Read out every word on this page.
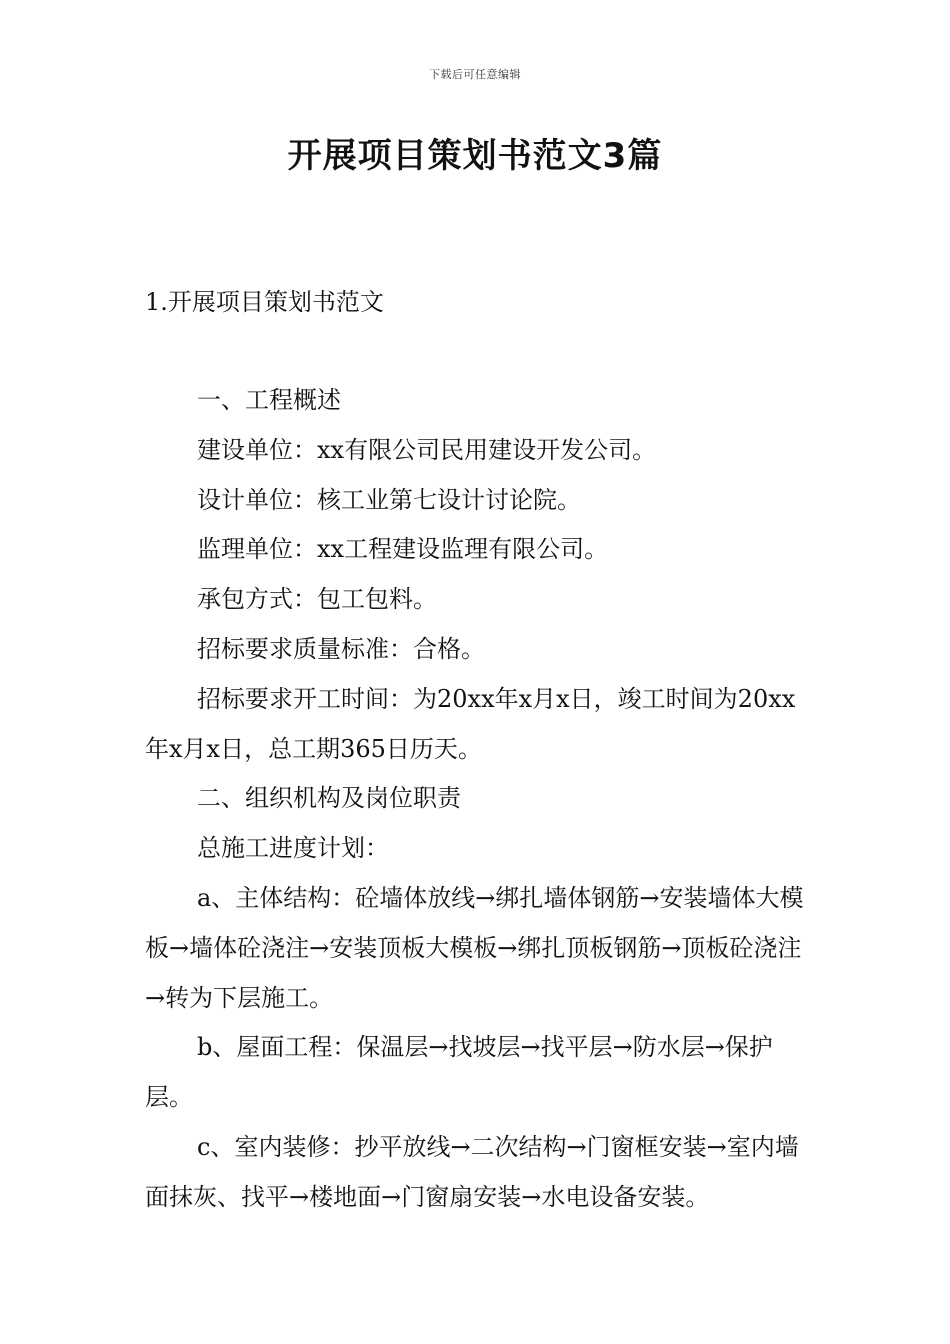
下载后可任意编辑
开展项目策划书范文3篇
1.开展项目策划书范文

一、工程概述

建设单位：xx有限公司民用建设开发公司。

设计单位：核工业第七设计讨论院。

监理单位：xx工程建设监理有限公司。

承包方式：包工包料。

招标要求质量标准：合格。

招标要求开工时间：为20xx年x月x日，竣工时间为20xx年x月x日，总工期365日历天。

二、组织机构及岗位职责

总施工进度计划：

a、主体结构：砼墙体放线→绑扎墙体钢筋→安装墙体大模板→墙体砼浇注→安装顶板大模板→绑扎顶板钢筋→顶板砼浇注→转为下层施工。

b、屋面工程：保温层→找坡层→找平层→防水层→保护层。

c、室内装修：抄平放线→二次结构→门窗框安装→室内墙面抹灰、找平→楼地面→门窗扇安装→水电设备安装。
